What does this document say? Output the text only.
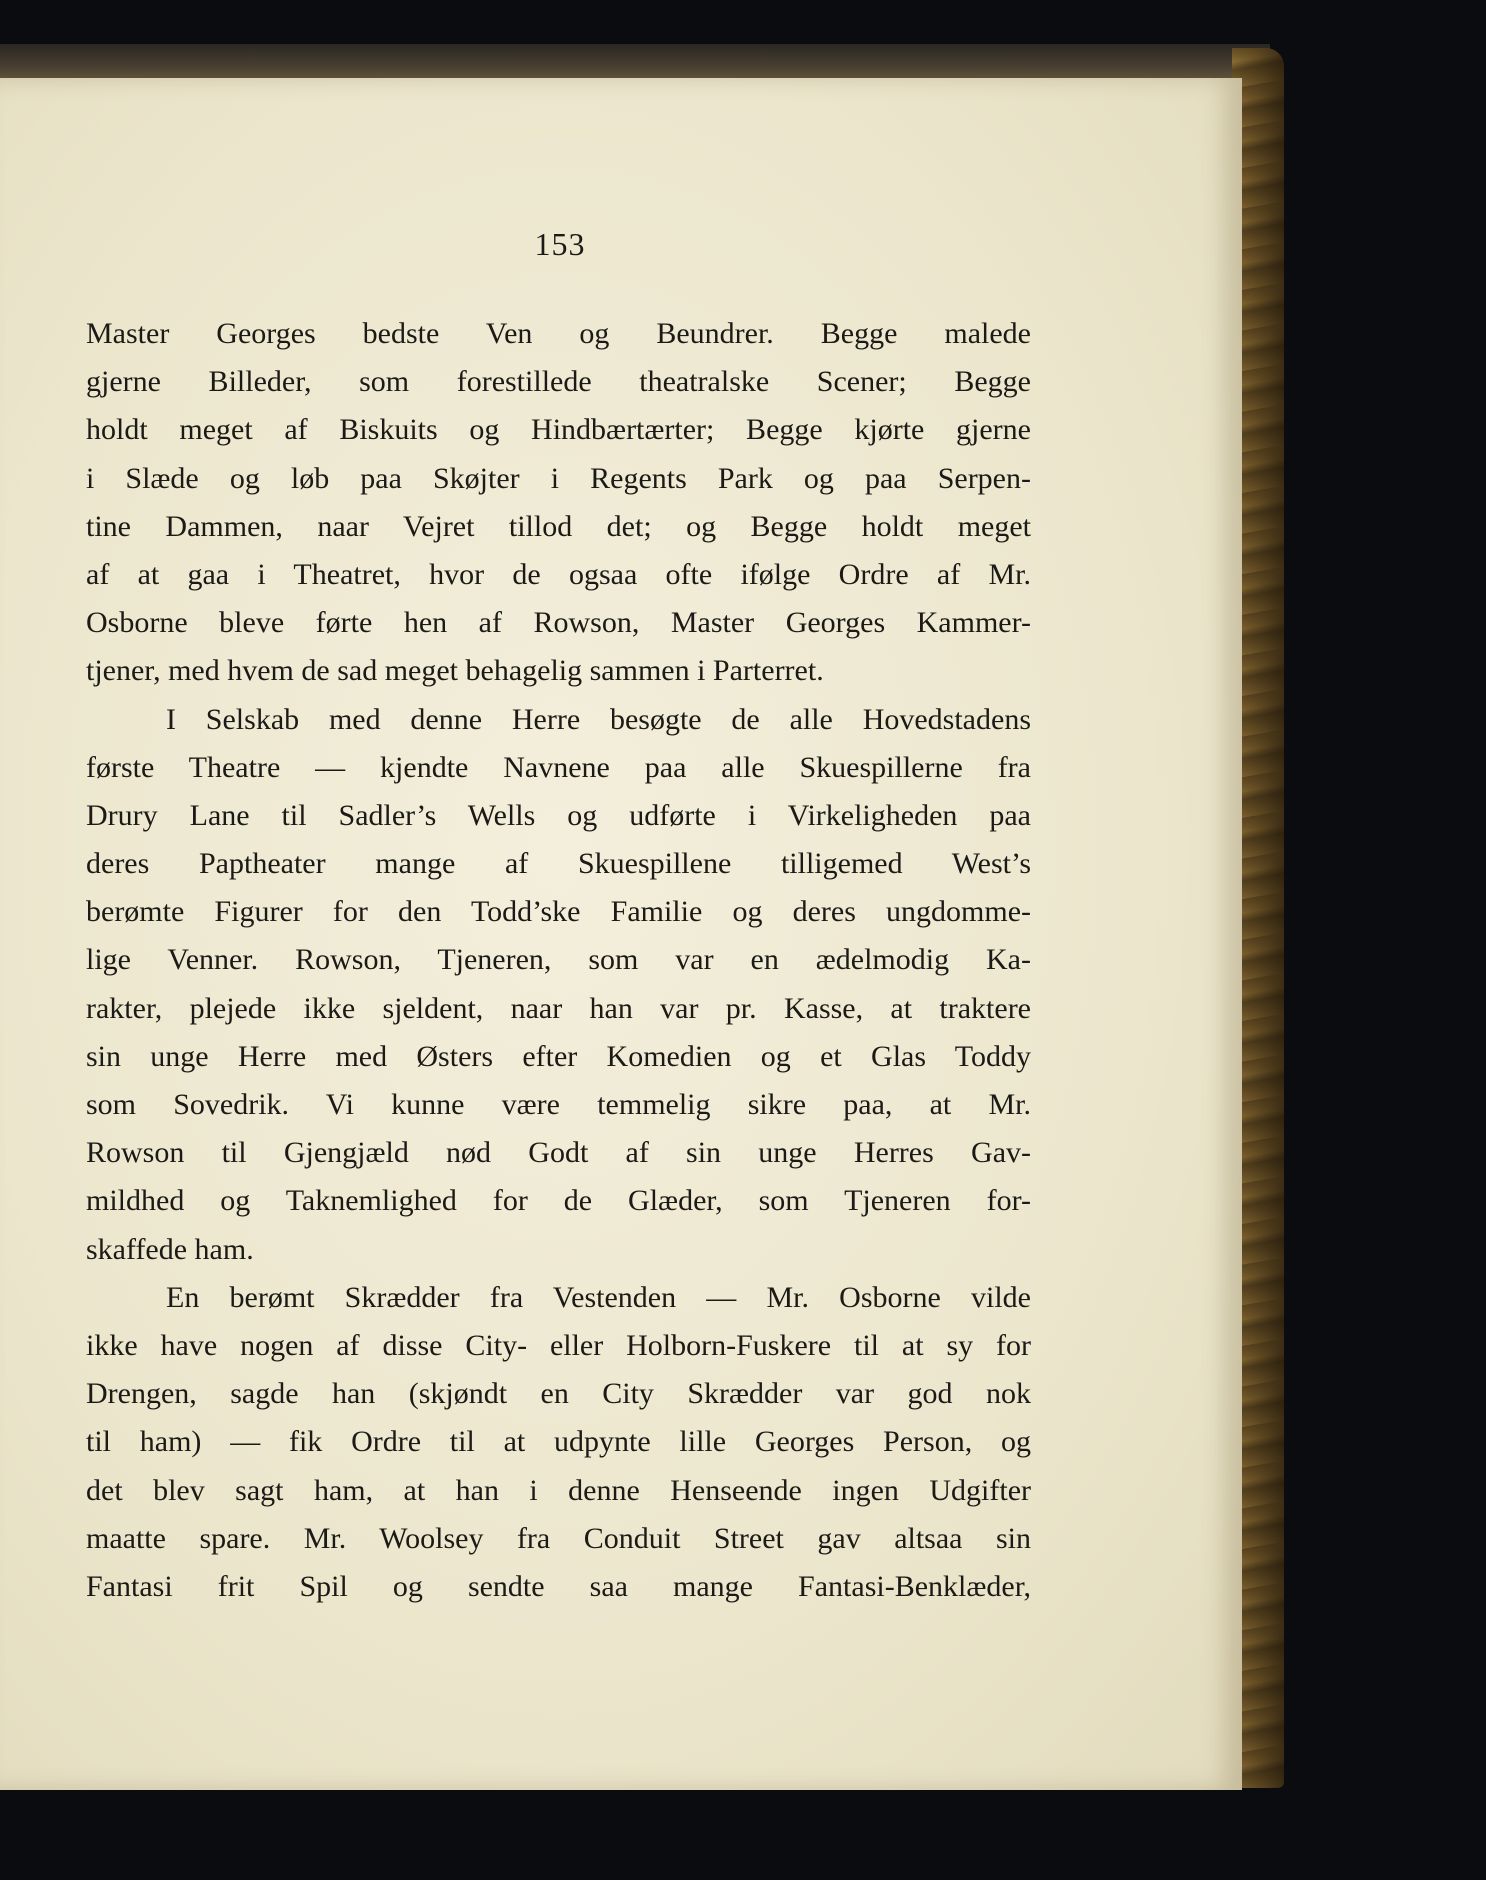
153
Master Georges bedste Ven og Beundrer. Begge malede
gjerne Billeder, som forestillede theatralske Scener; Begge
holdt meget af Biskuits og Hindbærtærter; Begge kjørte gjerne
i Slæde og løb paa Skøjter i Regents Park og paa Serpen-
tine Dammen, naar Vejret tillod det; og Begge holdt meget
af at gaa i Theatret, hvor de ogsaa ofte ifølge Ordre af Mr.
Osborne bleve førte hen af Rowson, Master Georges Kammer-
tjener, med hvem de sad meget behagelig sammen i Parterret.
I Selskab med denne Herre besøgte de alle Hovedstadens
første Theatre — kjendte Navnene paa alle Skuespillerne fra
Drury Lane til Sadler’s Wells og udførte i Virkeligheden paa
deres Paptheater mange af Skuespillene tilligemed West’s
berømte Figurer for den Todd’ske Familie og deres ungdomme-
lige Venner. Rowson, Tjeneren, som var en ædelmodig Ka-
rakter, plejede ikke sjeldent, naar han var pr. Kasse, at traktere
sin unge Herre med Østers efter Komedien og et Glas Toddy
som Sovedrik. Vi kunne være temmelig sikre paa, at Mr.
Rowson til Gjengjæld nød Godt af sin unge Herres Gav-
mildhed og Taknemlighed for de Glæder, som Tjeneren for-
skaffede ham.
En berømt Skrædder fra Vestenden — Mr. Osborne vilde
ikke have nogen af disse City- eller Holborn-Fuskere til at sy for
Drengen, sagde han (skjøndt en City Skrædder var god nok
til ham) — fik Ordre til at udpynte lille Georges Person, og
det blev sagt ham, at han i denne Henseende ingen Udgifter
maatte spare. Mr. Woolsey fra Conduit Street gav altsaa sin
Fantasi frit Spil og sendte saa mange Fantasi-Benklæder,
